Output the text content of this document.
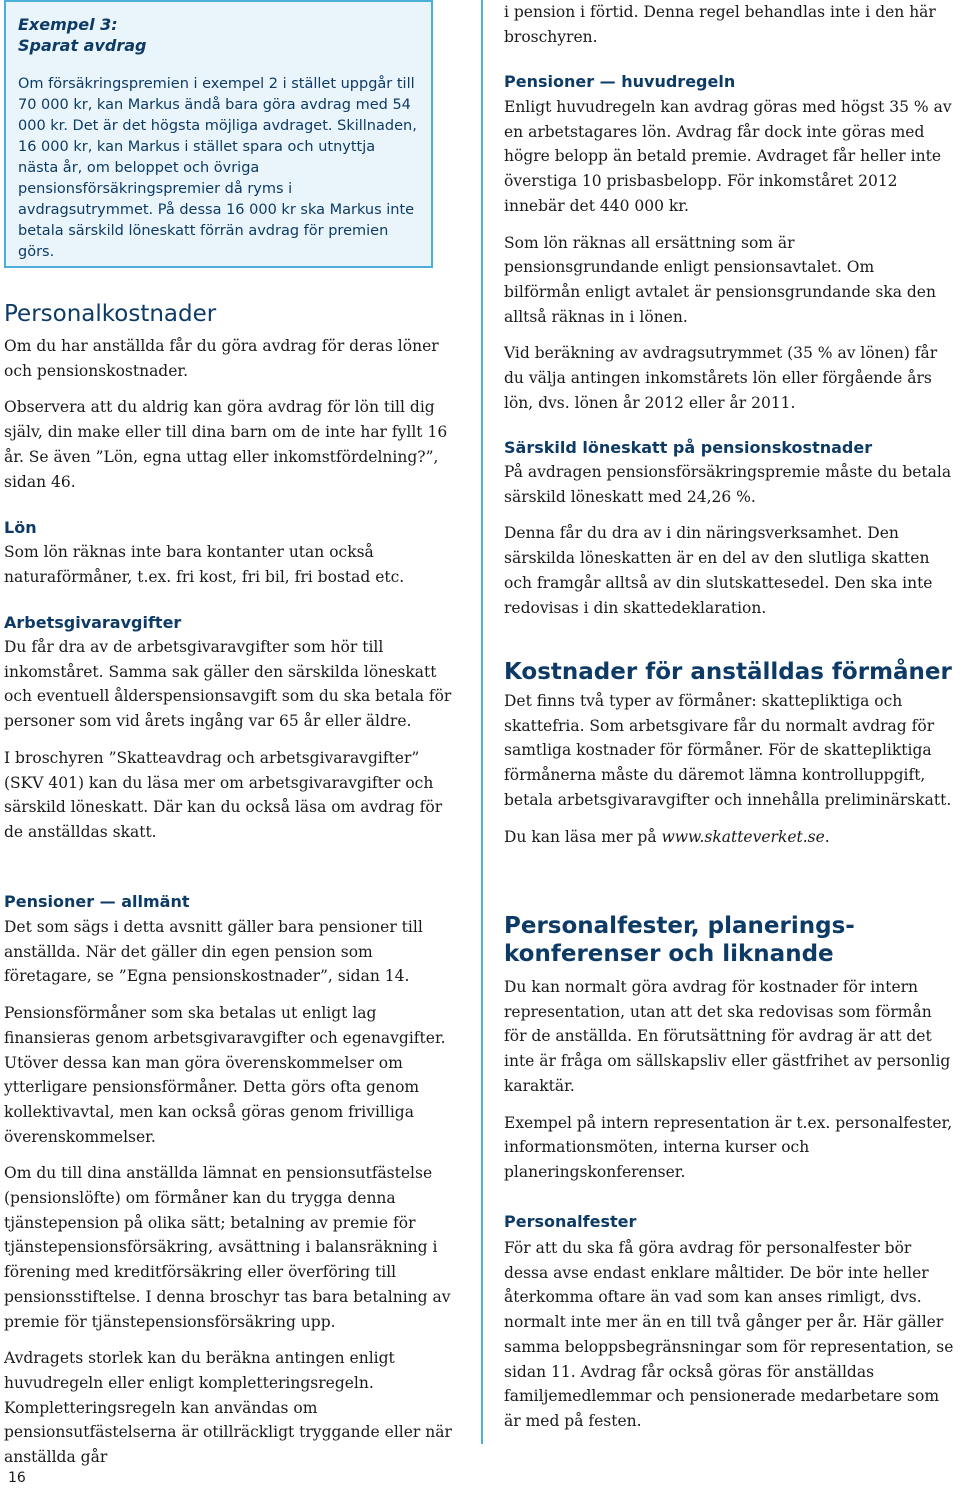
Exempel 3:
Sparat avdrag

Om försäkringspremien i exempel 2 i stället uppgår till 70 000 kr, kan Markus ändå bara göra avdrag med 54 000 kr. Det är det högsta möjliga avdraget. Skillnaden, 16 000 kr, kan Markus i stället spara och utnyttja nästa år, om beloppet och övriga pensionsförsäkringspremier då ryms i avdragsutrymmet. På dessa 16 000 kr ska Markus inte betala särskild löneskatt förrän avdrag för premien görs.

Personalkostnader

Om du har anställda får du göra avdrag för deras löner och pensionskostnader.

Observera att du aldrig kan göra avdrag för lön till dig själv, din make eller till dina barn om de inte har fyllt 16 år. Se även ”Lön, egna uttag eller inkomstfördelning?”, sidan 46.

Lön

Som lön räknas inte bara kontanter utan också naturaförmåner, t.ex. fri kost, fri bil, fri bostad etc.

Arbetsgivaravgifter

Du får dra av de arbetsgivaravgifter som hör till inkomståret. Samma sak gäller den särskilda löneskatt och eventuell ålderspensionsavgift som du ska betala för personer som vid årets ingång var 65 år eller äldre.

I broschyren ”Skatteavdrag och arbetsgivaravgifter” (SKV 401) kan du läsa mer om arbetsgivaravgifter och särskild löneskatt. Där kan du också läsa om avdrag för de anställdas skatt.

Pensioner — allmänt

Det som sägs i detta avsnitt gäller bara pensioner till anställda. När det gäller din egen pension som företagare, se ”Egna pensionskostnader”, sidan 14.

Pensionsförmåner som ska betalas ut enligt lag finansieras genom arbetsgivaravgifter och egenavgifter. Utöver dessa kan man göra överenskommelser om ytterligare pensionsförmåner. Detta görs ofta genom kollektivavtal, men kan också göras genom frivilliga överenskommelser.

Om du till dina anställda lämnat en pensionsutfästelse (pensionslöfte) om förmåner kan du trygga denna tjänstepension på olika sätt; betalning av premie för tjänstepensionsförsäkring, avsättning i balansräkning i förening med kreditförsäkring eller överföring till pensionsstiftelse. I denna broschyr tas bara betalning av premie för tjänstepensionsförsäkring upp.

Avdragets storlek kan du beräkna antingen enligt huvudregeln eller enligt kompletteringsregeln. Kompletteringsregeln kan användas om pensionsutfästelserna är otillräckligt tryggande eller när anställda går

i pension i förtid. Denna regel behandlas inte i den här broschyren.

Pensioner — huvudregeln

Enligt huvudregeln kan avdrag göras med högst 35 % av en arbetstagares lön. Avdrag får dock inte göras med högre belopp än betald premie. Avdraget får heller inte överstiga 10 prisbasbelopp. För inkomståret 2012 innebär det 440 000 kr.

Som lön räknas all ersättning som är pensionsgrundande enligt pensionsavtalet. Om bilförmån enligt avtalet är pensionsgrundande ska den alltså räknas in i lönen.

Vid beräkning av avdragsutrymmet (35 % av lönen) får du välja antingen inkomstårets lön eller förgående års lön, dvs. lönen år 2012 eller år 2011.

Särskild löneskatt på pensionskostnader

På avdragen pensionsförsäkringspremie måste du betala särskild löneskatt med 24,26 %.

Denna får du dra av i din näringsverksamhet. Den särskilda löneskatten är en del av den slutliga skatten och framgår alltså av din slutskattesedel. Den ska inte redovisas i din skattedeklaration.

Kostnader för anställdas förmåner

Det finns två typer av förmåner: skattepliktiga och skattefria. Som arbetsgivare får du normalt avdrag för samtliga kostnader för förmåner. För de skattepliktiga förmånerna måste du däremot lämna kontrolluppgift, betala arbetsgivaravgifter och innehålla preliminärskatt.

Du kan läsa mer på www.skatteverket.se.

Personalfester, planerings-
konferenser och liknande

Du kan normalt göra avdrag för kostnader för intern representation, utan att det ska redovisas som förmån för de anställda. En förutsättning för avdrag är att det inte är fråga om sällskapsliv eller gästfrihet av personlig karaktär.

Exempel på intern representation är t.ex. personalfester, informationsmöten, interna kurser och planeringskonferenser.

Personalfester

För att du ska få göra avdrag för personalfester bör dessa avse endast enklare måltider. De bör inte heller återkomma oftare än vad som kan anses rimligt, dvs. normalt inte mer än en till två gånger per år. Här gäller samma beloppsbegränsningar som för representation, se sidan 11. Avdrag får också göras för anställdas familjemedlemmar och pensionerade medarbetare som är med på festen.

16
